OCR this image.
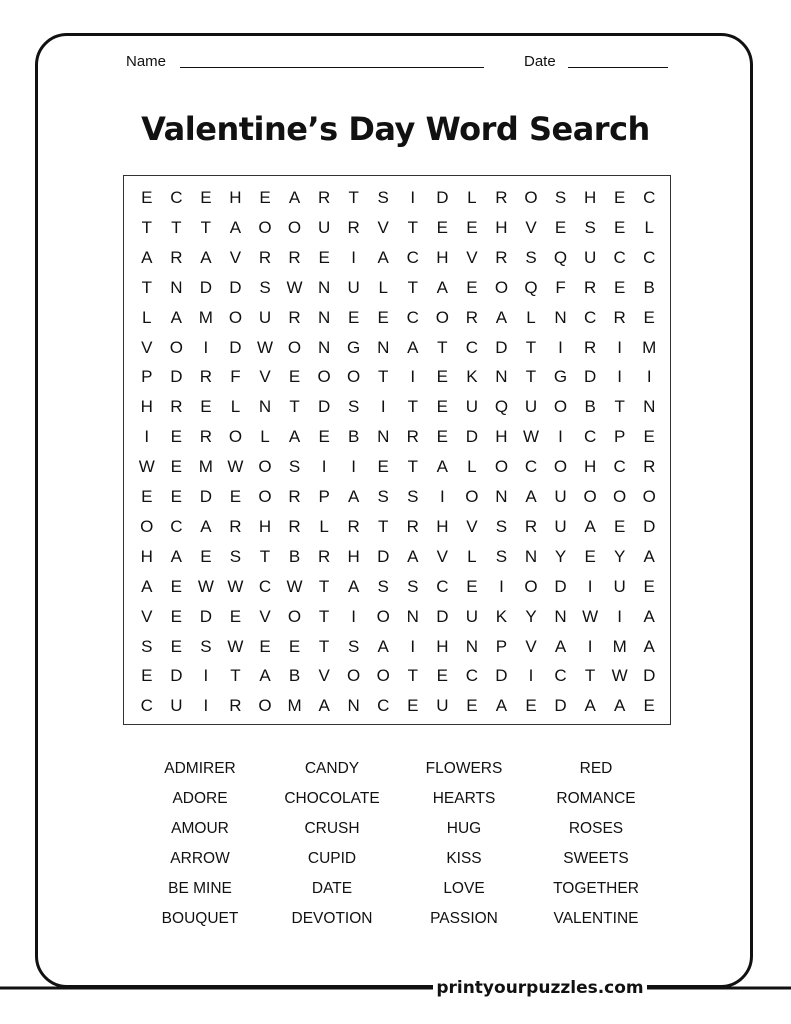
Name	Date
Valentine’s Day Word Search
E C E H E A R T S	I	D	L	R O S H E C
T T T A O O U R V T E E H V E S E	L
A R A V R R E	I	A C H V R S Q U C C
T N D D S W N U	L	T A E O Q F R E B
L	A M O U R N E E C O R A	L	N C R E
V O	I	D W O N G N A T C D T	I	R	I	M
P D R F V E O O T	I	E K N T G D	I	I
H R E	L	N T D S	I	T E U Q U O B T N
I	E R O	L	A E B N R E D H W	I	C P E
W E M W O S	I	I	E T A	L	O C O H C R
E E D E O R P A S S	I	O N A U O O O
O C A R H R	L	R T R H V S R U A E D
H A E S T B R H D A V	L	S N Y E Y A
A E W W C W T A S S C E	I	O D	I	U E
V E D E V O T	I	O N D U K Y N W	I	A
S E S W E E T S A	I	H N P V A	I	M A
E D	I	T A B V O O T E C D	I	C T W D
C U	I	R O M A N C E U E A E D A A E
ADMIRER
ADORE
AMOUR
ARROW
BE MINE
BOUQUET
CANDY
CHOCOLATE
CRUSH
CUPID
DATE
DEVOTION
FLOWERS
HEARTS
HUG
KISS
LOVE
PASSION
RED
ROMANCE
ROSES
SWEETS
TOGETHER
VALENTINE
printyourpuzzles.com
